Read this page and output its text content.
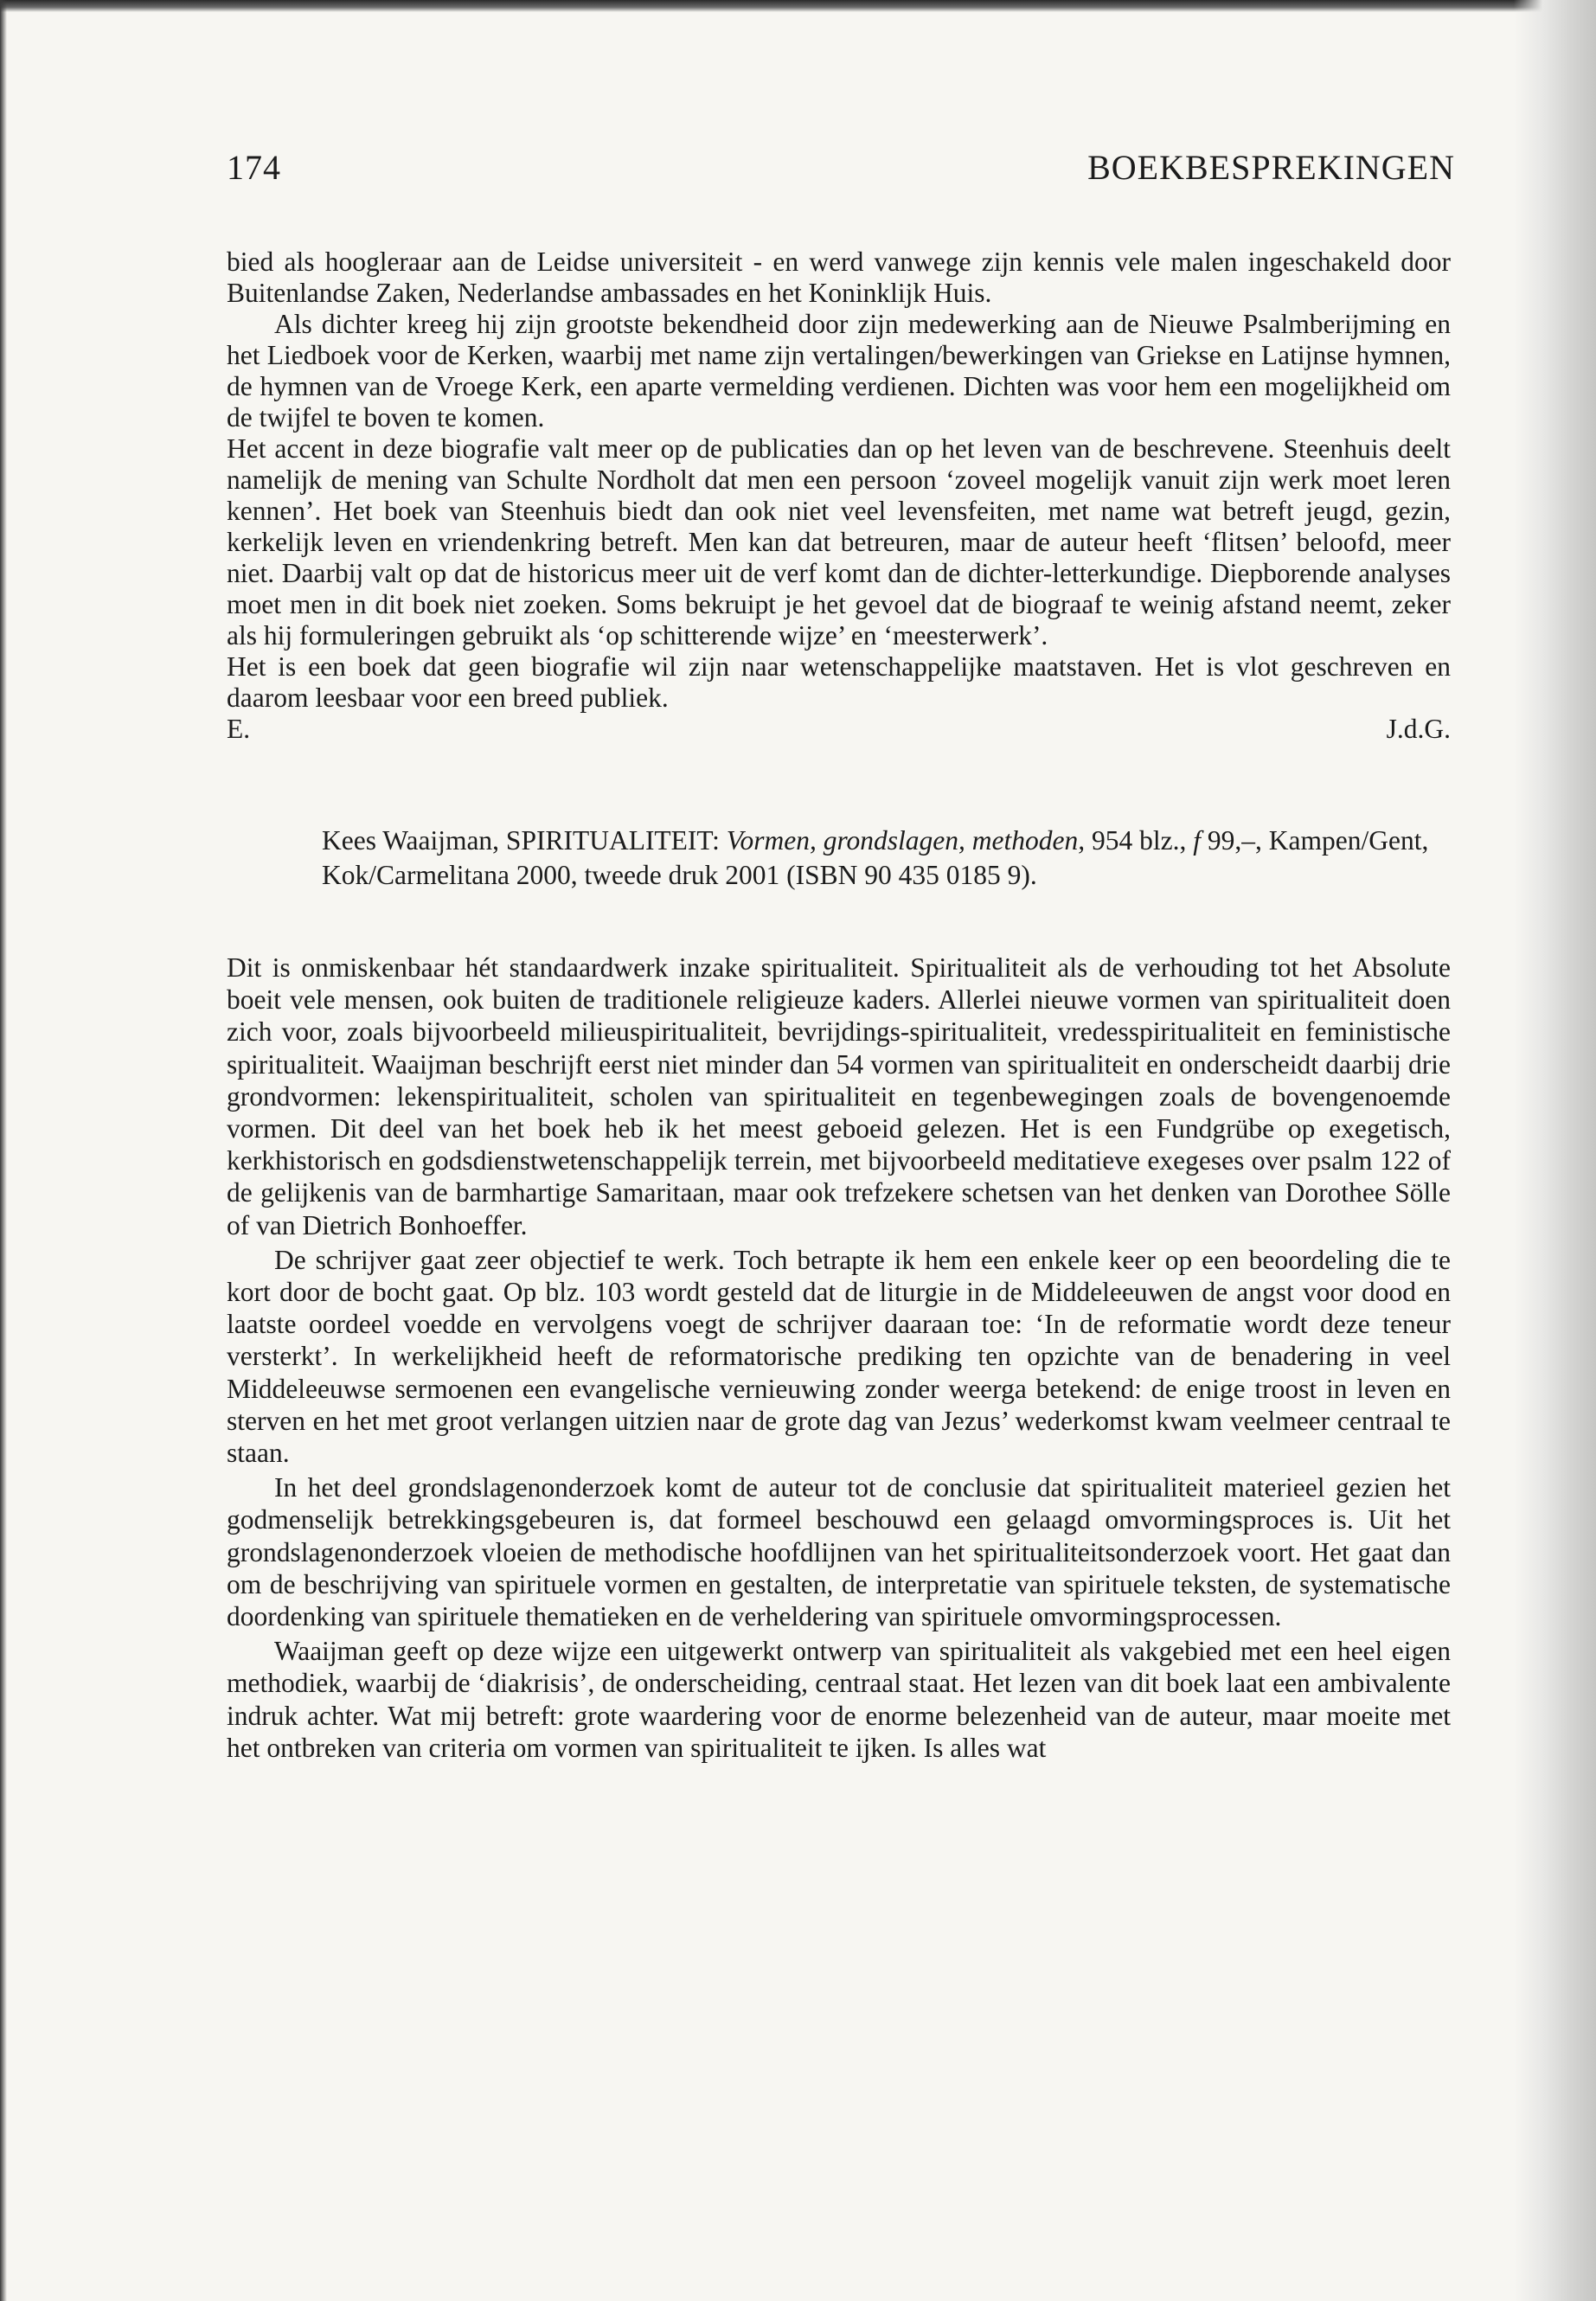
174	BOEKBESPREKINGEN

bied als hoogleraar aan de Leidse universiteit - en werd vanwege zijn kennis vele malen ingeschakeld door Buitenlandse Zaken, Nederlandse ambassades en het Koninklijk Huis.

Als dichter kreeg hij zijn grootste bekendheid door zijn medewerking aan de Nieuwe Psalmberijming en het Liedboek voor de Kerken, waarbij met name zijn vertalingen/bewerkingen van Griekse en Latijnse hymnen, de hymnen van de Vroege Kerk, een aparte vermelding verdienen. Dichten was voor hem een mogelijkheid om de twijfel te boven te komen.

Het accent in deze biografie valt meer op de publicaties dan op het leven van de beschrevene. Steenhuis deelt namelijk de mening van Schulte Nordholt dat men een persoon ‘zoveel mogelijk vanuit zijn werk moet leren kennen’. Het boek van Steenhuis biedt dan ook niet veel levensfeiten, met name wat betreft jeugd, gezin, kerkelijk leven en vriendenkring betreft. Men kan dat betreuren, maar de auteur heeft ‘flitsen’ beloofd, meer niet. Daarbij valt op dat de historicus meer uit de verf komt dan de dichter-letterkundige. Diepborende analyses moet men in dit boek niet zoeken. Soms bekruipt je het gevoel dat de biograaf te weinig afstand neemt, zeker als hij formuleringen gebruikt als ‘op schitterende wijze’ en ‘meesterwerk’.

Het is een boek dat geen biografie wil zijn naar wetenschappelijke maatstaven. Het is vlot geschreven en daarom leesbaar voor een breed publiek.

E.	J.d.G.

Kees Waaijman, SPIRITUALITEIT: Vormen, grondslagen, methoden, 954 blz., f 99,–, Kampen/Gent, Kok/Carmelitana 2000, tweede druk 2001 (ISBN 90 435 0185 9).

Dit is onmiskenbaar hét standaardwerk inzake spiritualiteit. Spiritualiteit als de verhouding tot het Absolute boeit vele mensen, ook buiten de traditionele religieuze kaders. Allerlei nieuwe vormen van spiritualiteit doen zich voor, zoals bijvoorbeeld milieuspiritualiteit, bevrijdings-spiritualiteit, vredesspiritualiteit en feministische spiritualiteit. Waaijman beschrijft eerst niet minder dan 54 vormen van spiritualiteit en onderscheidt daarbij drie grondvormen: lekenspiritualiteit, scholen van spiritualiteit en tegenbewegingen zoals de bovengenoemde vormen. Dit deel van het boek heb ik het meest geboeid gelezen. Het is een Fundgrübe op exegetisch, kerkhistorisch en godsdienstwetenschappelijk terrein, met bijvoorbeeld meditatieve exegeses over psalm 122 of de gelijkenis van de barmhartige Samaritaan, maar ook trefzekere schetsen van het denken van Dorothee Sölle of van Dietrich Bonhoeffer.

De schrijver gaat zeer objectief te werk. Toch betrapte ik hem een enkele keer op een beoordeling die te kort door de bocht gaat. Op blz. 103 wordt gesteld dat de liturgie in de Middeleeuwen de angst voor dood en laatste oordeel voedde en vervolgens voegt de schrijver daaraan toe: ‘In de reformatie wordt deze teneur versterkt’. In werkelijkheid heeft de reformatorische prediking ten opzichte van de benadering in veel Middeleeuwse sermoenen een evangelische vernieuwing zonder weerga betekend: de enige troost in leven en sterven en het met groot verlangen uitzien naar de grote dag van Jezus’ wederkomst kwam veelmeer centraal te staan.

In het deel grondslagenonderzoek komt de auteur tot de conclusie dat spiritualiteit materieel gezien het godmenselijk betrekkingsgebeuren is, dat formeel beschouwd een gelaagd omvormingsproces is. Uit het grondslagenonderzoek vloeien de methodische hoofdlijnen van het spiritualiteitsonderzoek voort. Het gaat dan om de beschrijving van spirituele vormen en gestalten, de interpretatie van spirituele teksten, de systematische doordenking van spirituele thematieken en de verheldering van spirituele omvormingsprocessen.

Waaijman geeft op deze wijze een uitgewerkt ontwerp van spiritualiteit als vakgebied met een heel eigen methodiek, waarbij de ‘diakrisis’, de onderscheiding, centraal staat. Het lezen van dit boek laat een ambivalente indruk achter. Wat mij betreft: grote waardering voor de enorme belezenheid van de auteur, maar moeite met het ontbreken van criteria om vormen van spiritualiteit te ijken. Is alles wat
